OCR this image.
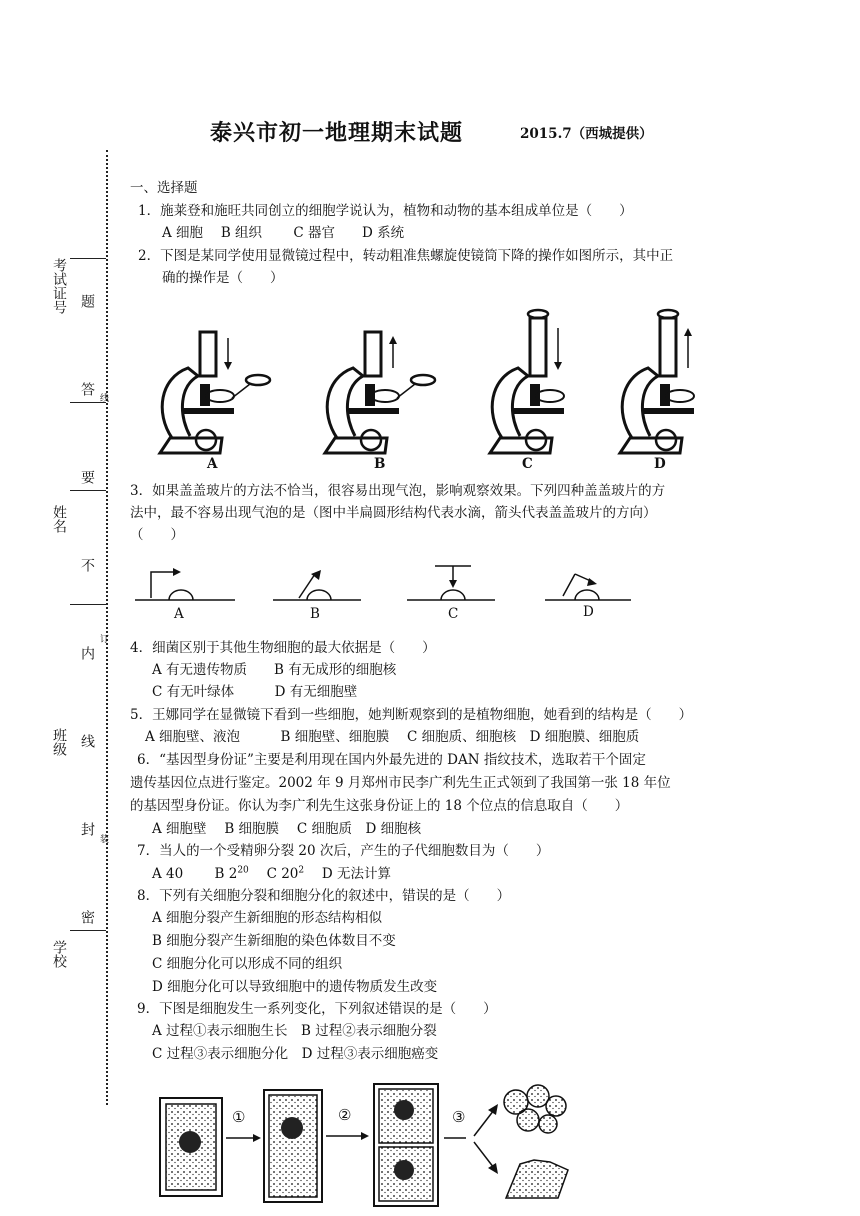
泰兴市初一地理期末试题	2015.7（西城提供）
考试证号
姓名
班级
学校
题
答
要
不
内
线
封
密
线
订
装
一、选择题
1．施莱登和施旺共同创立的细胞学说认为，植物和动物的基本组成单位是（　　）
A 细胞　 B 组织　　 C 器官　　D 系统
2．下图是某同学使用显微镜过程中，转动粗准焦螺旋使镜筒下降的操作如图所示，其中正
确的操作是（　　）
A	B	C	D
3．如果盖盖玻片的方法不恰当，很容易出现气泡，影响观察效果。下列四种盖盖玻片的方
法中，最不容易出现气泡的是（图中半扁圆形结构代表水滴，箭头代表盖盖玻片的方向）
（　　）
A	B	C	D
4．细菌区别于其他生物细胞的最大依据是（　　）
A 有无遗传物质　　B 有无成形的细胞核
C 有无叶绿体　　　D 有无细胞壁
5．王娜同学在显微镜下看到一些细胞，她判断观察到的是植物细胞，她看到的结构是（　　）
A 细胞壁、液泡　　　B 细胞壁、细胞膜　 C 细胞质、细胞核　D 细胞膜、细胞质
6．“基因型身份证”主要是利用现在国内外最先进的 DAN 指纹技术，选取若干个固定
遗传基因位点进行鉴定。2002 年 9 月郑州市民李广利先生正式领到了我国第一张 18 年位
的基因型身份证。你认为李广利先生这张身份证上的 18 个位点的信息取自（　　）
A 细胞壁　 B 细胞膜　 C 细胞质　D 细胞核
7．当人的一个受精卵分裂 20 次后，产生的子代细胞数目为（　　）
A 40　　 B $2^{20}$　 C $20^2$　 D 无法计算
8．下列有关细胞分裂和细胞分化的叙述中，错误的是（　　）
A 细胞分裂产生新细胞的形态结构相似
B 细胞分裂产生新细胞的染色体数目不变
C 细胞分化可以形成不同的组织
D 细胞分化可以导致细胞中的遗传物质发生改变
9．下图是细胞发生一系列变化，下列叙述错误的是（　　）
A 过程①表示细胞生长　B 过程②表示细胞分裂
C 过程③表示细胞分化　D 过程③表示细胞癌变
①	②	③
